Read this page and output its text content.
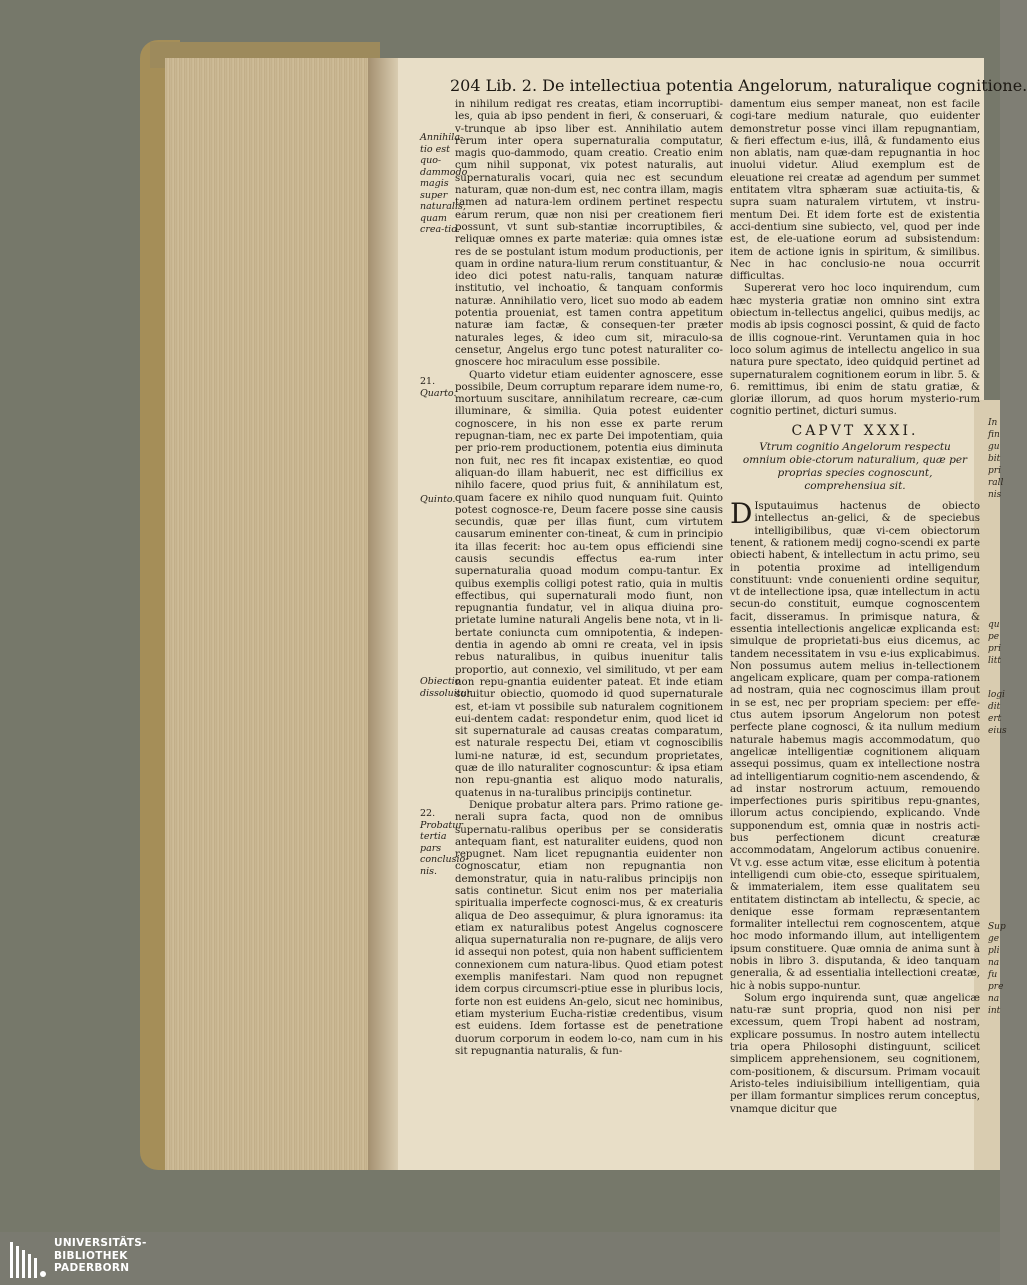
204 Lib. 2. De intellectiua potentia Angelorum, naturalique cognitione.

in nihilum redigat res creatas, etiam incorruptibi-les, quia ab ipso pendent in fieri, & conseruari, & v-trunque ab ipso liber est. Annihilatio autem rerum inter opera supernaturalia computatur, magis quo-dammodo, quam creatio. Creatio enim cum nihil supponat, vix potest naturalis, aut supernaturalis vocari, quia nec est secundum naturam, quæ non-dum est, nec contra illam, magis tamen ad natura-lem ordinem pertinet respectu earum rerum, quæ non nisi per creationem fieri possunt, vt sunt sub-stantiæ incorruptibiles, & reliquæ omnes ex parte materiæ: quia omnes istæ res de se postulant istum modum productionis, per quam in ordine natura-lium rerum constituantur, & ideo dici potest natu-ralis, tanquam naturæ institutio, vel inchoatio, & tanquam conformis naturæ. Annihilatio vero, licet suo modo ab eadem potentia proueniat, est tamen contra appetitum naturæ iam factæ, & consequen-ter præter naturales leges, & ideo cum sit, miraculo-sa censetur, Angelus ergo tunc potest naturaliter co-gnoscere hoc miraculum esse possibile.

Quarto videtur etiam euidenter agnoscere, esse possibile, Deum corruptum reparare idem nume-ro, mortuum suscitare, annihilatum recreare, cæ-cum illuminare, & similia. Quia potest euidenter cognoscere, in his non esse ex parte rerum repugnan-tiam, nec ex parte Dei impotentiam, quia per prio-rem productionem, potentia eius diminuta non fuit, nec res fit incapax existentiæ, eo quod aliquan-do illam habuerit, nec est difficilius ex nihilo facere, quod prius fuit, & annihilatum est, quam facere ex nihilo quod nunquam fuit. Quinto potest cognosce-re, Deum facere posse sine causis secundis, quæ per illas fiunt, cum virtutem causarum eminenter con-tineat, & cum in principio ita illas fecerit: hoc au-tem opus efficiendi sine causis secundis effectus ea-rum inter supernaturalia quoad modum compu-tantur. Ex quibus exemplis colligi potest ratio, quia in multis effectibus, qui supernaturali modo fiunt, non repugnantia fundatur, vel in aliqua diuina pro-prietate lumine naturali Angelis bene nota, vt in li-bertate coniuncta cum omnipotentia, & indepen-dentia in agendo ab omni re creata, vel in ipsis rebus naturalibus, in quibus inuenitur talis proportio, aut connexio, vel similitudo, vt per eam non repu-gnantia euidenter pateat. Et inde etiam soluitur obiectio, quomodo id quod supernaturale est, et-iam vt possibile sub naturalem cognitionem eui-dentem cadat: respondetur enim, quod licet id sit supernaturale ad causas creatas comparatum, est naturale respectu Dei, etiam vt cognoscibilis lumi-ne naturæ, id est, secundum proprietates, quæ de illo naturaliter cognoscuntur: & ipsa etiam non repu-gnantia est aliquo modo naturalis, quatenus in na-turalibus principijs continetur.

Denique probatur altera pars. Primo ratione ge-nerali supra facta, quod non de omnibus supernatu-ralibus operibus per se consideratis antequam fiant, est naturaliter euidens, quod non repugnet. Nam licet repugnantia euidenter non cognoscatur, etiam non repugnantia non demonstratur, quia in natu-ralibus principijs non satis continetur. Sicut enim nos per materialia spiritualia imperfecte cognosci-mus, & ex creaturis aliqua de Deo assequimur, & plura ignoramus: ita etiam ex naturalibus potest Angelus cognoscere aliqua supernaturalia non re-pugnare, de alijs vero id assequi non potest, quia non habent sufficientem connexionem cum natura-libus. Quod etiam potest exemplis manifestari. Nam quod non repugnet idem corpus circumscri-ptiue esse in pluribus locis, forte non est euidens An-gelo, sicut nec hominibus, etiam mysterium Eucha-ristiæ credentibus, visum est euidens. Idem fortasse est de penetratione duorum corporum in eodem lo-co, nam cum in his sit repugnantia naturalis, & fun-

Annihila-tio est quo-dammodo magis super naturalis, quam crea-tio.
21.
Quarto.
Quinto.
Obiectio dissoluitur.
22.
Probatur tertia pars conclusio-nis.

damentum eius semper maneat, non est facile cogi-tare medium naturale, quo euidenter demonstretur posse vinci illam repugnantiam, & fieri effectum e-ius, illâ, & fundamento eius non ablatis, nam quæ-dam repugnantia in hoc inuolui videtur. Aliud exemplum est de eleuatione rei creatæ ad agendum per summet entitatem vltra sphæram suæ actiuita-tis, & supra suam naturalem virtutem, vt instru-mentum Dei. Et idem forte est de existentia acci-dentium sine subiecto, vel, quod per inde est, de ele-uatione eorum ad subsistendum: item de actione ignis in spiritum, & similibus. Nec in hac conclusio-ne noua occurrit difficultas.

Supererat vero hoc loco inquirendum, cum hæc mysteria gratiæ non omnino sint extra obiectum in-tellectus angelici, quibus medijs, ac modis ab ipsis cognosci possint, & quid de facto de illis cognoue-rint. Veruntamen quia in hoc loco solum agimus de intellectu angelico in sua natura pure spectato, ideo quidquid pertinet ad supernaturalem cognitionem eorum in libr. 5. & 6. remittimus, ibi enim de statu gratiæ, & gloriæ illorum, ad quos horum mysterio-rum cognitio pertinet, dicturi sumus.

CAPVT XXXI.
Vtrum cognitio Angelorum respectu omnium obie-ctorum naturalium, quæ per proprias species cognoscunt, comprehensiua sit.

D Isputauimus hactenus de obiecto intellectus an-gelici, & de speciebus intelligibilibus, quæ vi-cem obiectorum tenent, & rationem medij cogno-scendi ex parte obiecti habent, & intellectum in actu primo, seu in potentia proxime ad intelligendum constituunt: vnde conuenienti ordine sequitur, vt de intellectione ipsa, quæ intellectum in actu secun-do constituit, eumque cognoscentem facit, disseramus. In primisque natura, & essentia intellectionis angelicæ explicanda est: simulque de proprietati-bus eius dicemus, ac tandem necessitatem in vsu e-ius explicabimus. Non possumus autem melius in-tellectionem angelicam explicare, quam per compa-rationem ad nostram, quia nec cognoscimus illam prout in se est, nec per propriam speciem: per effe-ctus autem ipsorum Angelorum non potest perfecte plane cognosci, & ita nullum medium naturale habemus magis accommodatum, quo angelicæ intelligentiæ cognitionem aliquam assequi possimus, quam ex intellectione nostra ad intelligentiarum cognitio-nem ascendendo, & ad instar nostrorum actuum, remouendo imperfectiones puris spiritibus repu-gnantes, illorum actus concipiendo, explicando. Vnde supponendum est, omnia quæ in nostris acti-bus perfectionem dicunt creaturæ accommodatam, Angelorum actibus conuenire. Vt v.g. esse actum vitæ, esse elicitum à potentia intelligendi cum obie-cto, esseque spiritualem, & immaterialem, item esse qualitatem seu entitatem distinctam ab intellectu, & specie, ac denique esse formam repræsentantem formaliter intellectui rem cognoscentem, atque hoc modo informando illum, aut intelligentem ipsum constituere. Quæ omnia de anima sunt à nobis in libro 3. disputanda, & ideo tanquam generalia, & ad essentialia intellectioni creatæ, hic à nobis suppo-nuntur.

Solum ergo inquirenda sunt, quæ angelicæ natu-ræ sunt propria, quod non nisi per excessum, quem Tropi habent ad nostram, explicare possumus. In nostro autem intellectu tria opera Philosophi distinguunt, scilicet simplicem apprehensionem, seu cognitionem, com-positionem, & discursum. Primam vocauit Aristo-teles indiuisibilium intelligentiam, quia per illam formantur simplices rerum conceptus, vnamque dicitur que

In
fin
gu
bit
pri
rall
nis
qu
pe
pri
litt
logi
dit
ert
eius
Sup
ge
pli
na
fu
pre
na
int
UNIVERSITÄTS-
BIBLIOTHEK
PADERBORN
